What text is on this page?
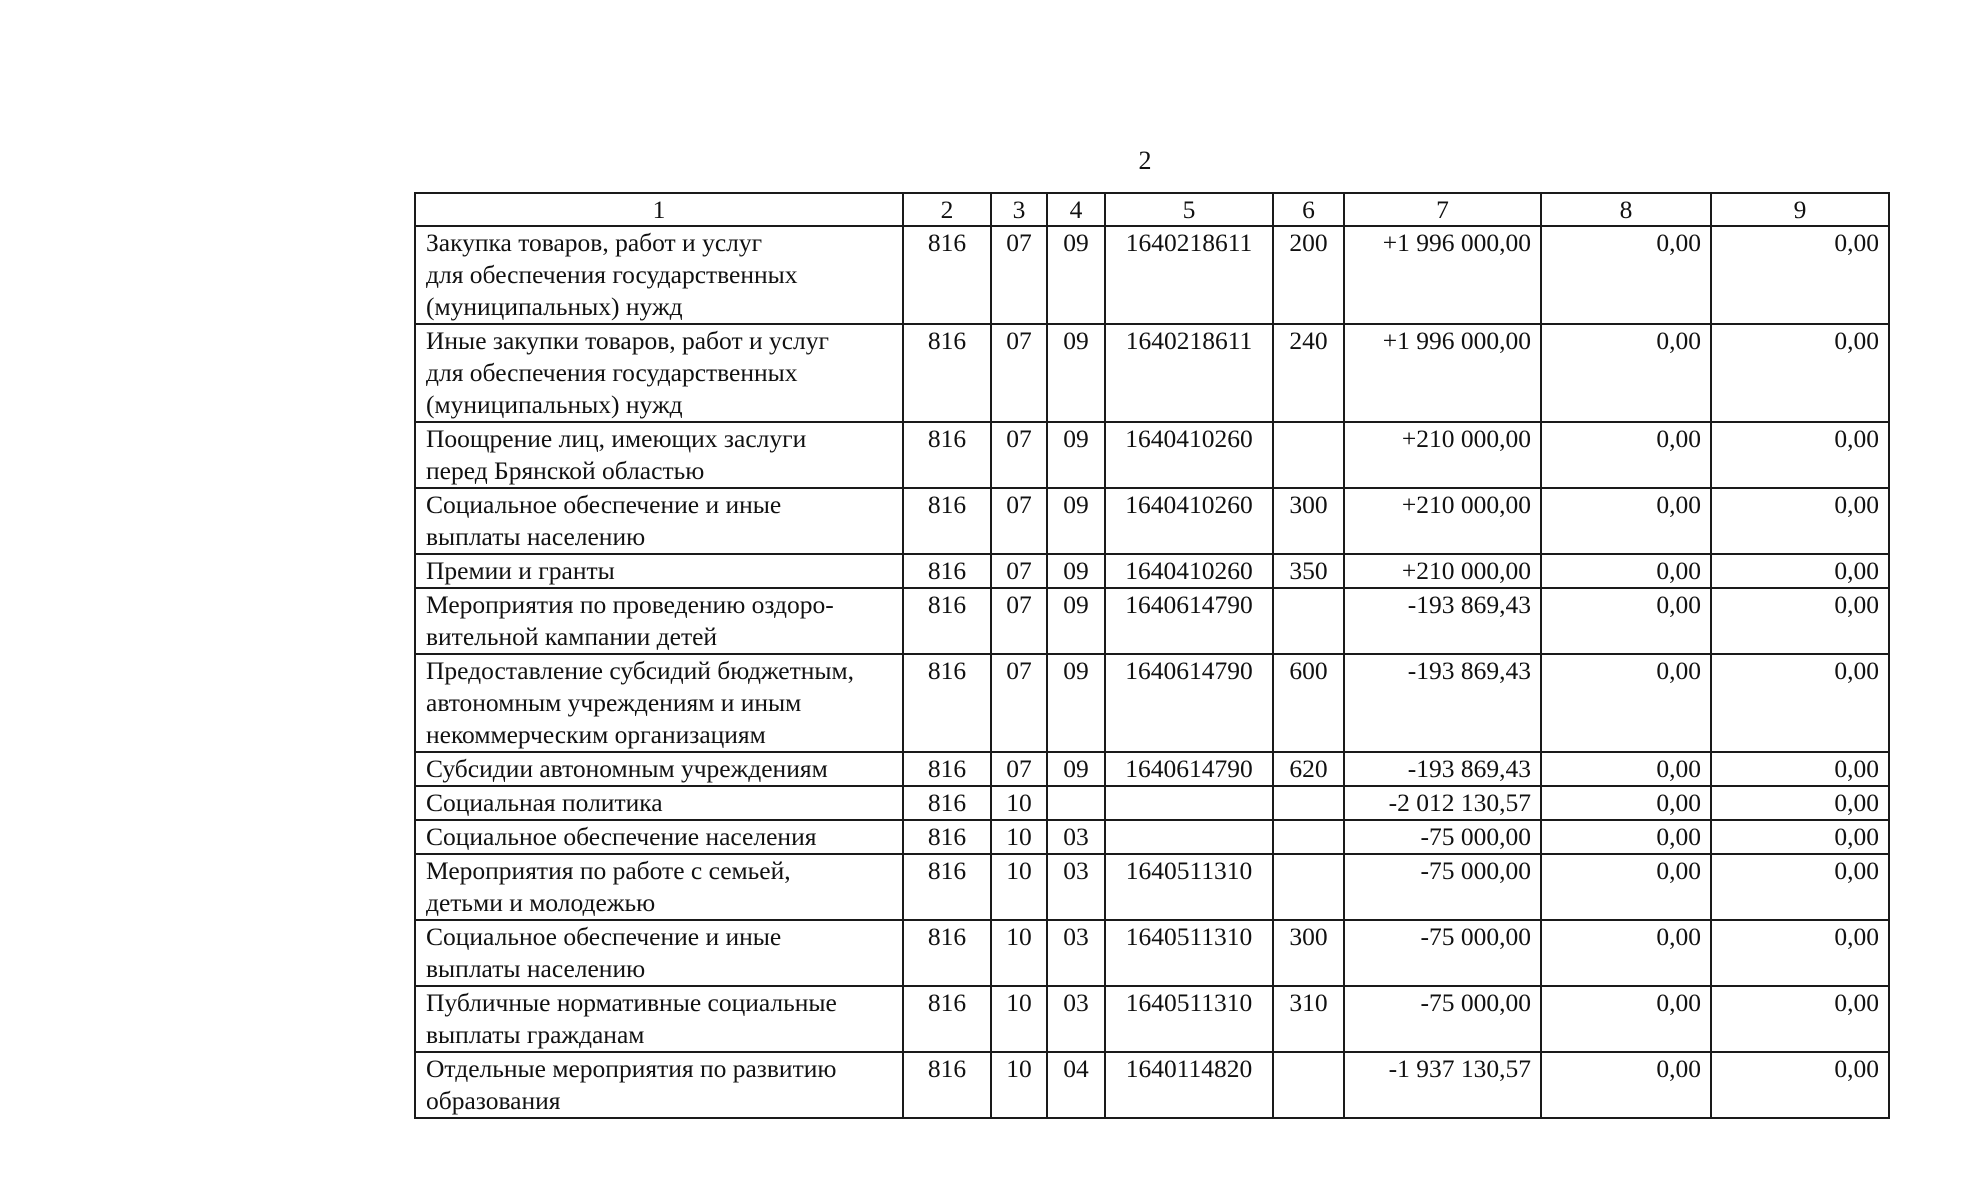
2
1	2	3	4	5	6	7	8	9

Закупка товаров, работ и услуг
для обеспечения государственных
(муниципальных) нужд	816	07	09	1640218611	200	+1 996 000,00	0,00	0,00

Иные закупки товаров, работ и услуг
для обеспечения государственных
(муниципальных) нужд	816	07	09	1640218611	240	+1 996 000,00	0,00	0,00

Поощрение лиц, имеющих заслуги
перед Брянской областью	816	07	09	1640410260		+210 000,00	0,00	0,00

Социальное обеспечение и иные
выплаты населению	816	07	09	1640410260	300	+210 000,00	0,00	0,00

Премии и гранты	816	07	09	1640410260	350	+210 000,00	0,00	0,00

Мероприятия по проведению оздоро-
вительной кампании детей	816	07	09	1640614790		-193 869,43	0,00	0,00

Предоставление субсидий бюджетным,
автономным учреждениям и иным
некоммерческим организациям	816	07	09	1640614790	600	-193 869,43	0,00	0,00

Субсидии автономным учреждениям	816	07	09	1640614790	620	-193 869,43	0,00	0,00

Социальная политика	816	10				-2 012 130,57	0,00	0,00

Социальное обеспечение населения	816	10	03			-75 000,00	0,00	0,00

Мероприятия по работе с семьей,
детьми и молодежью	816	10	03	1640511310		-75 000,00	0,00	0,00

Социальное обеспечение и иные
выплаты населению	816	10	03	1640511310	300	-75 000,00	0,00	0,00

Публичные нормативные социальные
выплаты гражданам	816	10	03	1640511310	310	-75 000,00	0,00	0,00

Отдельные мероприятия по развитию
образования	816	10	04	1640114820		-1 937 130,57	0,00	0,00
